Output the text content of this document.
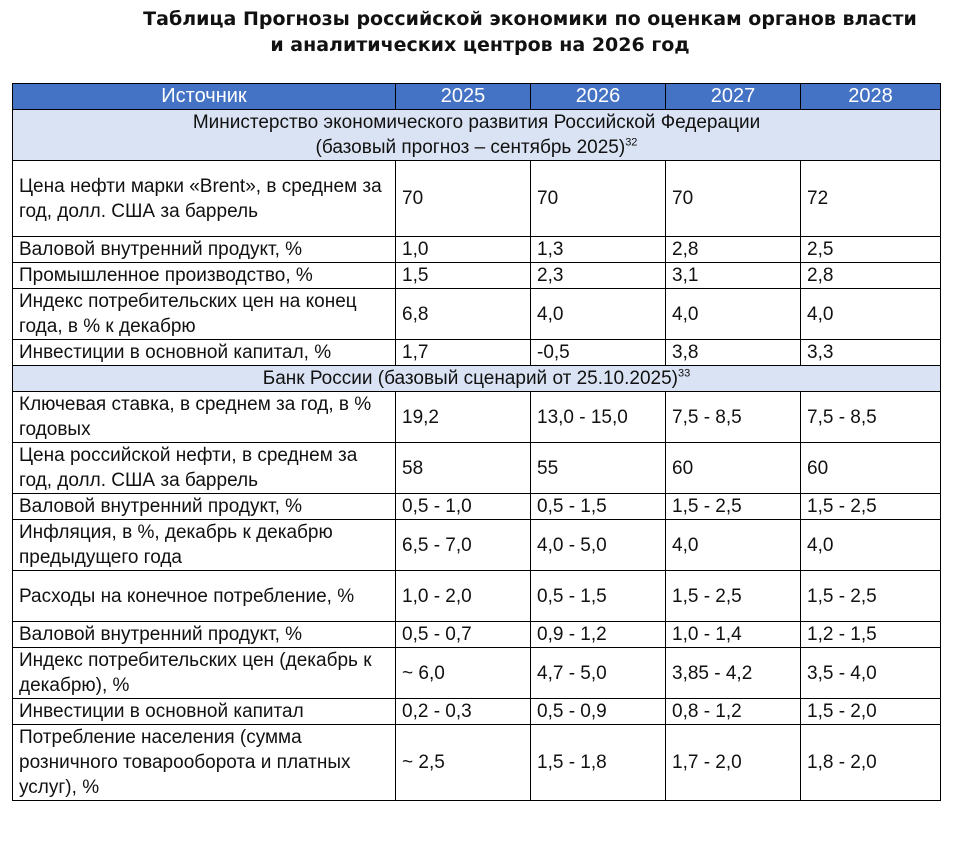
Таблица Прогнозы российской экономики по оценкам органов власти
и аналитических центров на 2026 год
Источник	2025	2026	2027	2028
Министерство экономического развития Российской Федерации
(базовый прогноз – сентябрь 2025)$^{32}$
Цена нефти марки «Brent», в среднем за год, долл. США за баррель	70	70	70	72
Валовой внутренний продукт, %	1,0	1,3	2,8	2,5
Промышленное производство, %	1,5	2,3	3,1	2,8
Индекс потребительских цен на конец года, в % к декабрю	6,8	4,0	4,0	4,0
Инвестиции в основной капитал, %	1,7	-0,5	3,8	3,3
Банк России (базовый сценарий от 25.10.2025)$^{33}$
Ключевая ставка, в среднем за год, в % годовых	19,2	13,0 - 15,0	7,5 - 8,5	7,5 - 8,5
Цена российской нефти, в среднем за год, долл. США за баррель	58	55	60	60
Валовой внутренний продукт, %	0,5 - 1,0	0,5 - 1,5	1,5 - 2,5	1,5 - 2,5
Инфляция, в %, декабрь к декабрю предыдущего года	6,5 - 7,0	4,0 - 5,0	4,0	4,0
Расходы на конечное потребление, %	1,0 - 2,0	0,5 - 1,5	1,5 - 2,5	1,5 - 2,5
Валовой внутренний продукт, %	0,5 - 0,7	0,9 - 1,2	1,0 - 1,4	1,2 - 1,5
Индекс потребительских цен (декабрь к декабрю), %	~ 6,0	4,7 - 5,0	3,85 - 4,2	3,5 - 4,0
Инвестиции в основной капитал	0,2 - 0,3	0,5 - 0,9	0,8 - 1,2	1,5 - 2,0
Потребление населения (сумма розничного товарооборота и платных услуг), %	~ 2,5	1,5 - 1,8	1,7 - 2,0	1,8 - 2,0
